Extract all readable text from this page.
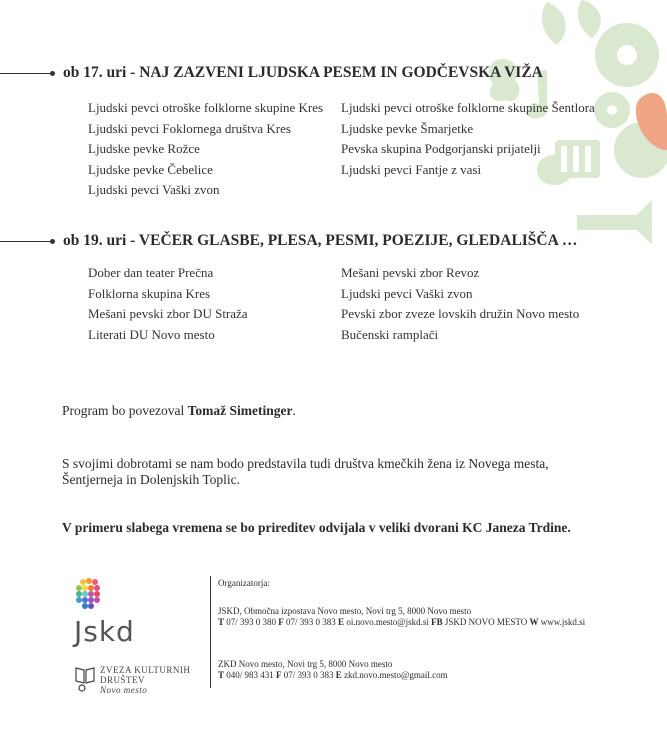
ob 17. uri - NAJ ZAZVENI LJUDSKA PESEM IN GODČEVSKA VIŽA
Ljudski pevci otroške folklorne skupine Kres
Ljudski pevci Foklornega društva Kres
Ljudske pevke Rožce
Ljudske pevke Čebelice
Ljudski pevci Vaški zvon
Ljudski pevci otroške folklorne skupine Šentlora
Ljudske pevke Šmarjetke
Pevska skupina Podgorjanski prijatelji
Ljudski pevci Fantje z vasi
ob 19. uri - VEČER GLASBE, PLESA, PESMI, POEZIJE, GLEDALIŠČA …
Dober dan teater Prečna
Folklorna skupina Kres
Mešani pevski zbor DU Straža
Literati DU Novo mesto
Mešani pevski zbor Revoz
Ljudski pevci Vaški zvon
Pevski zbor zveze lovskih družin Novo mesto
Bučenski ramplači
Program bo povezoval Tomaž Simetinger.
S svojimi dobrotami se nam bodo predstavila tudi društva kmečkih žena iz Novega mesta,
Šentjerneja in Dolenjskih Toplic.
V primeru slabega vremena se bo prireditev odvijala v veliki dvorani KC Janeza Trdine.
Jskd
ZVEZA KULTURNIH
DRUŠTEV
Novo mesto
Organizatorja:
JSKD, Območna izpostava Novo mesto, Novi trg 5, 8000 Novo mesto
T 07/ 393 0 380 F 07/ 393 0 383 E oi.novo.mesto@jskd.si FB JSKD NOVO MESTO W www.jskd.si
ZKD Novo mesto, Novi trg 5, 8000 Novo mesto
T 040/ 983 431 F 07/ 393 0 383 E zkd.novo.mesto@gmail.com
